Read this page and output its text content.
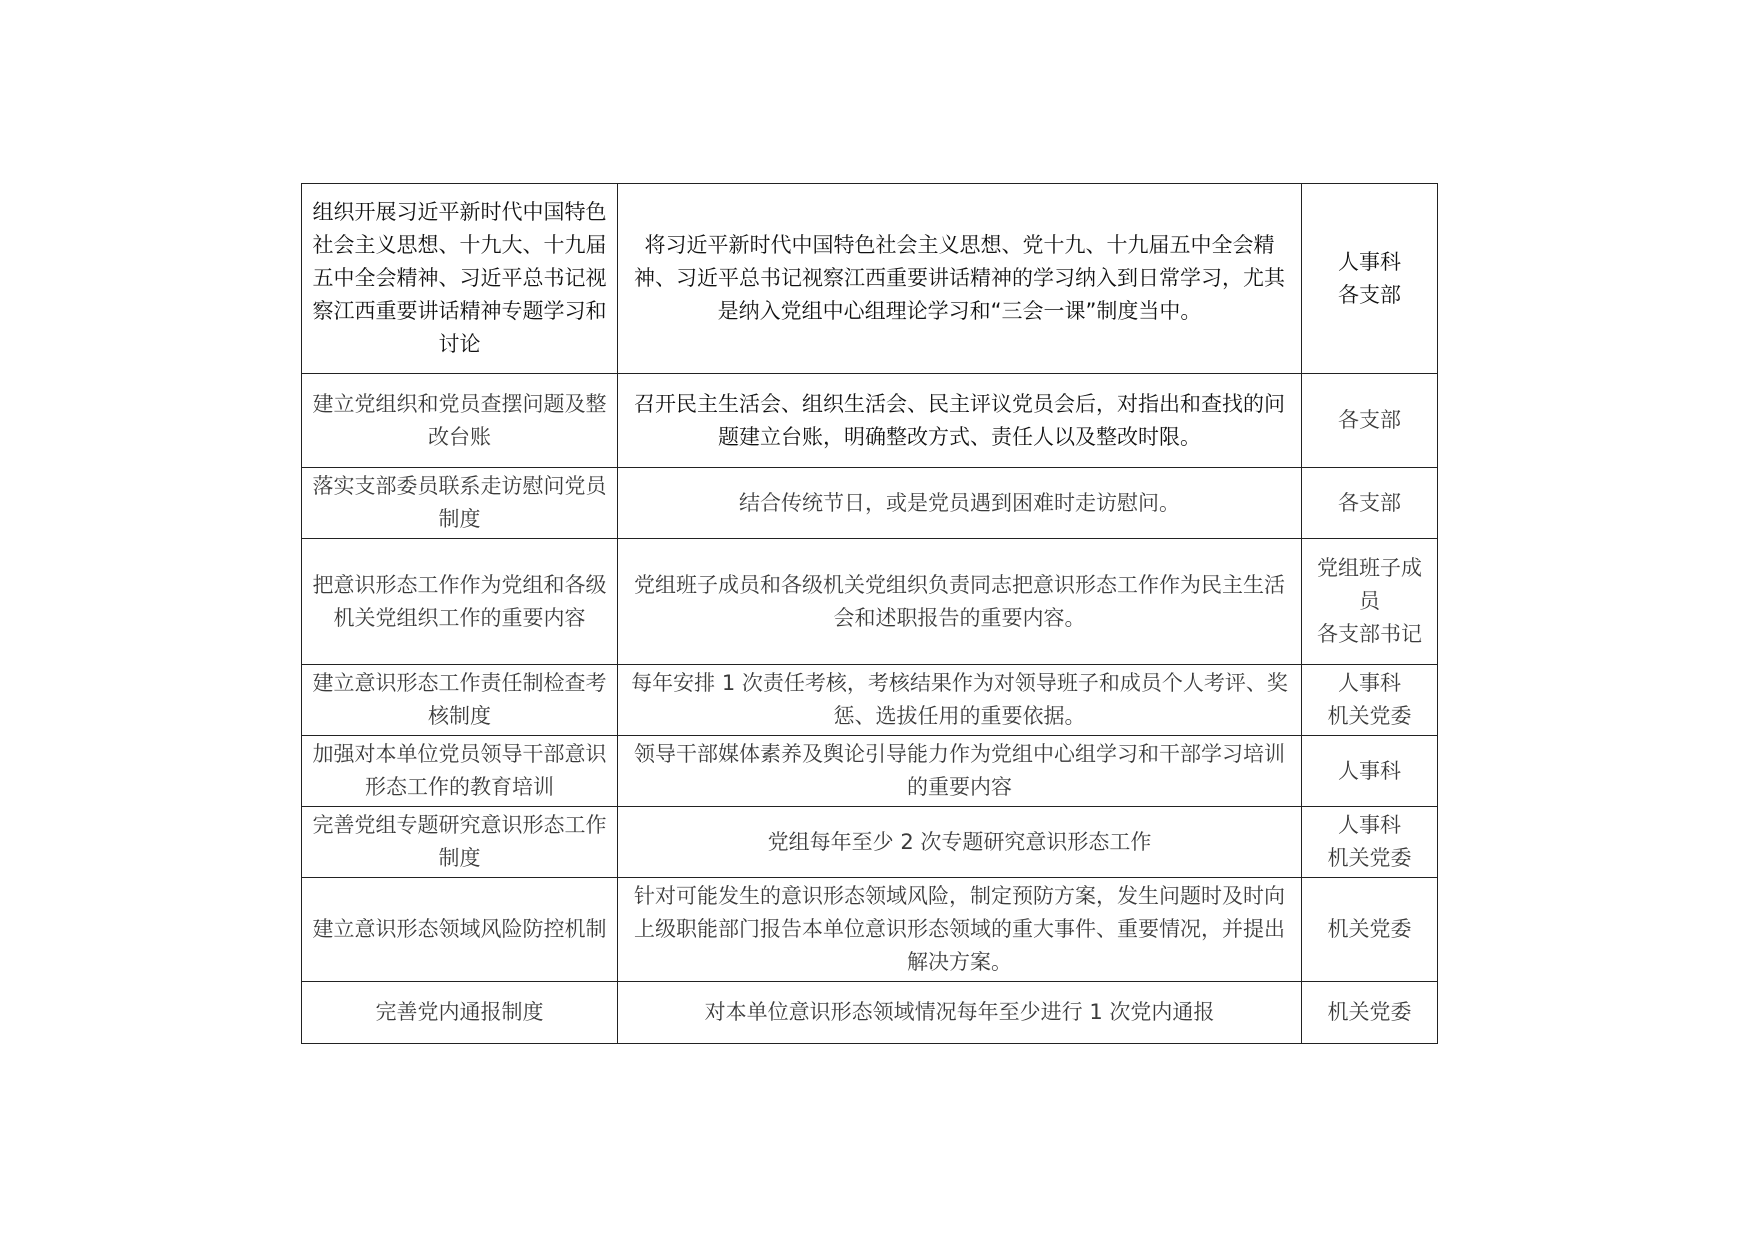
组织开展习近平新时代中国特色社会主义思想、十九大、十九届五中全会精神、习近平总书记视察江西重要讲话精神专题学习和讨论	将习近平新时代中国特色社会主义思想、党十九、十九届五中全会精神、习近平总书记视察江西重要讲话精神的学习纳入到日常学习，尤其是纳入党组中心组理论学习和“三会一课”制度当中。	人事科
各支部

建立党组织和党员查摆问题及整改台账	召开民主生活会、组织生活会、民主评议党员会后，对指出和查找的问题建立台账，明确整改方式、责任人以及整改时限。	各支部

落实支部委员联系走访慰问党员制度	结合传统节日，或是党员遇到困难时走访慰问。	各支部

把意识形态工作作为党组和各级机关党组织工作的重要内容	党组班子成员和各级机关党组织负责同志把意识形态工作作为民主生活会和述职报告的重要内容。	党组班子成员
各支部书记

建立意识形态工作责任制检查考核制度	每年安排 1 次责任考核，考核结果作为对领导班子和成员个人考评、奖惩、选拔任用的重要依据。	人事科
机关党委

加强对本单位党员领导干部意识形态工作的教育培训	领导干部媒体素养及舆论引导能力作为党组中心组学习和干部学习培训的重要内容	人事科

完善党组专题研究意识形态工作制度	党组每年至少 2 次专题研究意识形态工作	人事科
机关党委

建立意识形态领域风险防控机制	针对可能发生的意识形态领域风险，制定预防方案，发生问题时及时向上级职能部门报告本单位意识形态领域的重大事件、重要情况，并提出解决方案。	机关党委

完善党内通报制度	对本单位意识形态领域情况每年至少进行 1 次党内通报	机关党委
